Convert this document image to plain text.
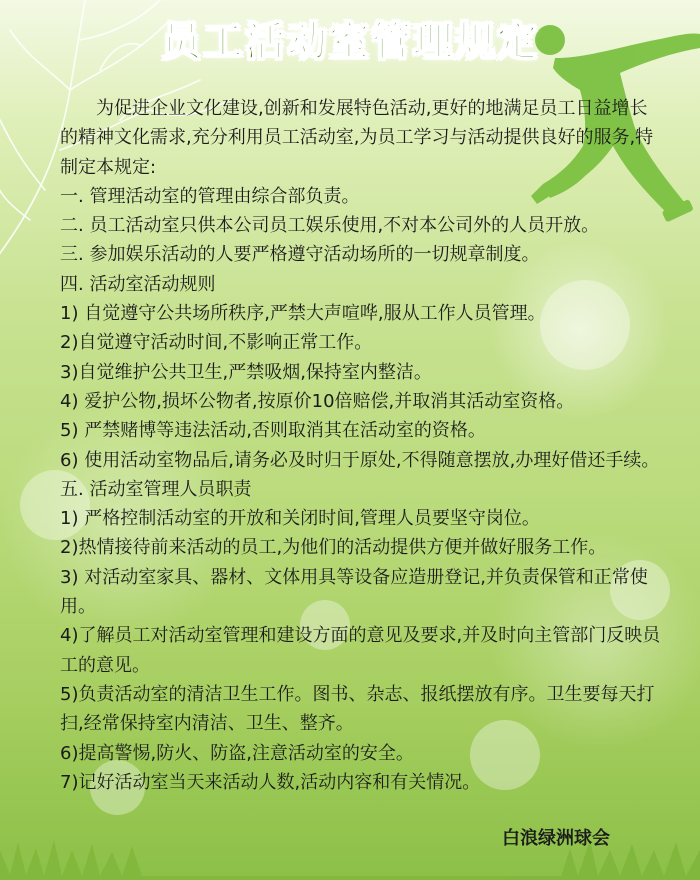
员工活动室管理规定

为促进企业文化建设,创新和发展特色活动,更好的地满足员工日益增长的精神文化需求,充分利用员工活动室,为员工学习与活动提供良好的服务,特制定本规定:

一. 管理活动室的管理由综合部负责。

二. 员工活动室只供本公司员工娱乐使用,不对本公司外的人员开放。

三. 参加娱乐活动的人要严格遵守活动场所的一切规章制度。

四. 活动室活动规则

1) 自觉遵守公共场所秩序,严禁大声喧哗,服从工作人员管理。

2)自觉遵守活动时间,不影响正常工作。

3)自觉维护公共卫生,严禁吸烟,保持室内整洁。

4) 爱护公物,损坏公物者,按原价10倍赔偿,并取消其活动室资格。

5) 严禁赌博等违法活动,否则取消其在活动室的资格。

6) 使用活动室物品后,请务必及时归于原处,不得随意摆放,办理好借还手续。

五. 活动室管理人员职责

1) 严格控制活动室的开放和关闭时间,管理人员要坚守岗位。

2)热情接待前来活动的员工,为他们的活动提供方便并做好服务工作。

3) 对活动室家具、器材、文体用具等设备应造册登记,并负责保管和正常使用。

4)了解员工对活动室管理和建设方面的意见及要求,并及时向主管部门反映员工的意见。

5)负责活动室的清洁卫生工作。图书、杂志、报纸摆放有序。卫生要每天打扫,经常保持室内清洁、卫生、整齐。

6)提高警惕,防火、防盗,注意活动室的安全。

7)记好活动室当天来活动人数,活动内容和有关情况。

白浪绿洲球会
